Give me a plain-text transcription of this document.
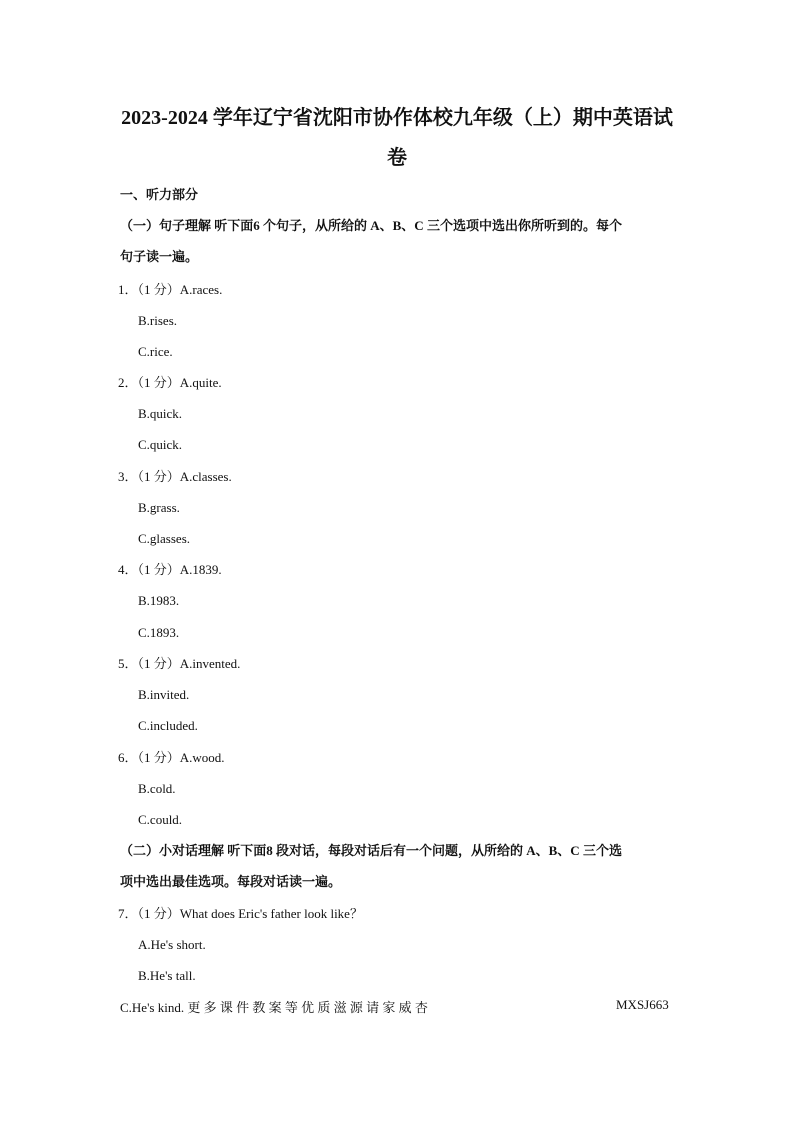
2023-2024 学年辽宁省沈阳市协作体校九年级（上）期中英语试
卷
一、听力部分
（一）句子理解 听下面6 个句子，从所给的 A、B、C 三个选项中选出你所听到的。每个
句子读一遍。
1．（1 分）A.races.
B.rises.
C.rice.
2．（1 分）A.quite.
B.quick.
C.quick.
3．（1 分）A.classes.
B.grass.
C.glasses.
4．（1 分）A.1839.
B.1983.
C.1893.
5．（1 分）A.invented.
B.invited.
C.included.
6．（1 分）A.wood.
B.cold.
C.could.
（二）小对话理解 听下面8 段对话，每段对话后有一个问题，从所给的 A、B、C 三个选
项中选出最佳选项。每段对话读一遍。
7．（1 分）What does Eric's father look like？
A.He's short.
B.He's tall.
C.He's kind. 更 多 课 件 教 案 等 优 质 滋 源 请 家 威 杏	MXSJ663
